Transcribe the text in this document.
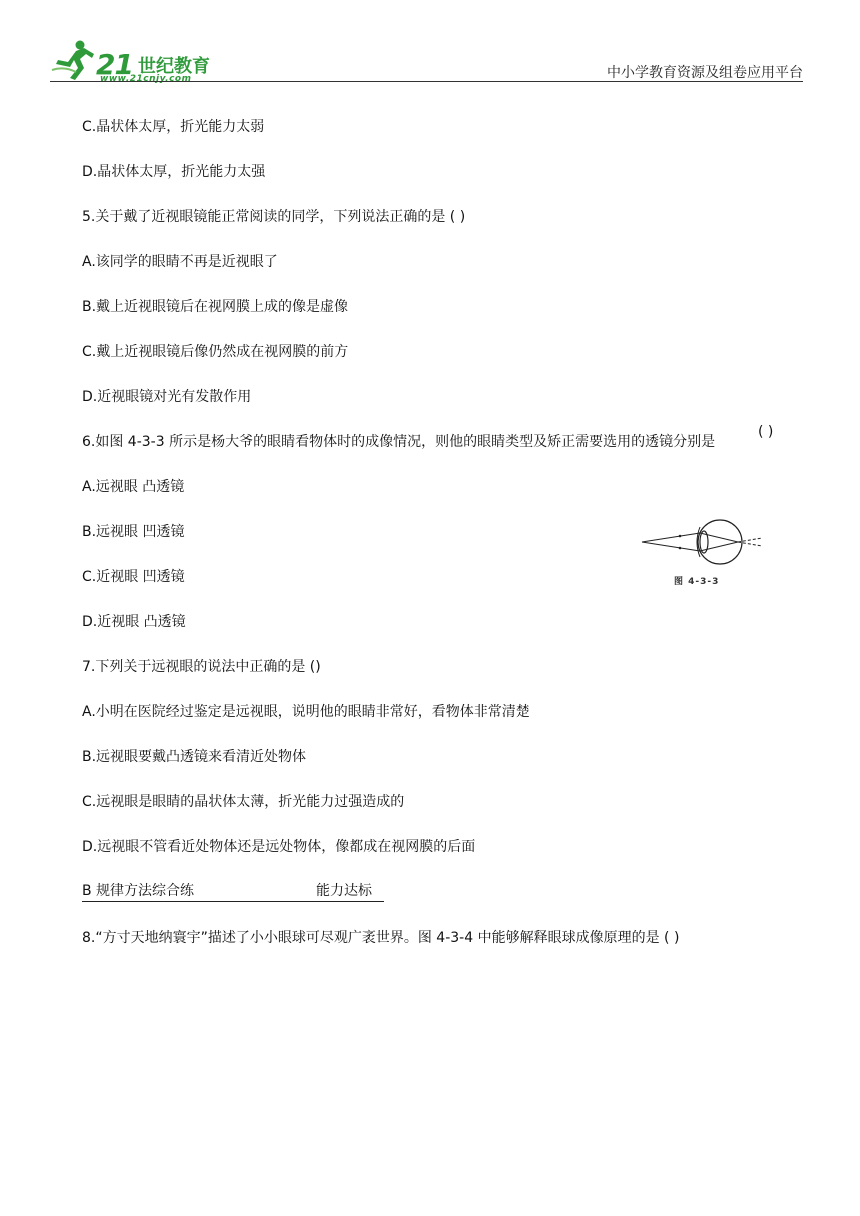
21 世纪教育
www.21cnjy.com	中小学教育资源及组卷应用平台
C.晶状体太厚，折光能力太弱
D.晶状体太厚，折光能力太强
5.关于戴了近视眼镜能正常阅读的同学，下列说法正确的是 ( )
A.该同学的眼睛不再是近视眼了
B.戴上近视眼镜后在视网膜上成的像是虚像
C.戴上近视眼镜后像仍然成在视网膜的前方
D.近视眼镜对光有发散作用
6.如图 4-3-3 所示是杨大爷的眼睛看物体时的成像情况，则他的眼睛类型及矫正需要选用的透镜分别是
( )
A.远视眼 凸透镜
B.远视眼 凹透镜
C.近视眼 凹透镜
D.近视眼 凸透镜
图 4-3-3
7.下列关于远视眼的说法中正确的是 ()
A.小明在医院经过鉴定是远视眼，说明他的眼睛非常好，看物体非常清楚
B.远视眼要戴凸透镜来看清近处物体
C.远视眼是眼睛的晶状体太薄，折光能力过强造成的
D.远视眼不管看近处物体还是远处物体，像都成在视网膜的后面
B 规律方法综合练	能力达标
8.“方寸天地纳寰宇”描述了小小眼球可尽观广袤世界。图 4-3-4 中能够解释眼球成像原理的是 ( )
